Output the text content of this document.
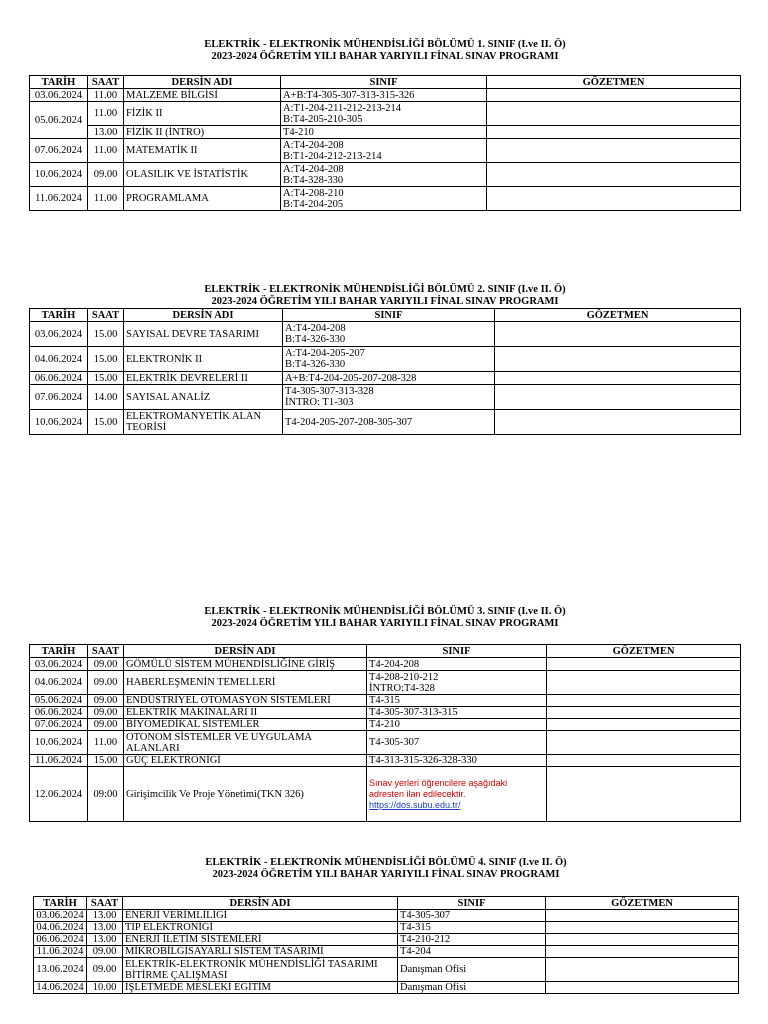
ELEKTRİK - ELEKTRONİK MÜHENDİSLİĞİ BÖLÜMÜ 1. SINIF (I.ve II. Ö)
2023-2024 ÖĞRETİM YILI BAHAR YARIYILI FİNAL SINAV PROGRAMI
TARİH	SAAT	DERSİN ADI	SINIF	GÖZETMEN
03.06.2024	11.00	MALZEME BİLGİSİ	A+B:T4-305-307-313-315-326	
05.06.2024	11.00	FİZİK II	A:T1-204-211-212-213-214
B:T4-205-210-305	
	13.00	FİZİK II (İNTRO)	T4-210	
07.06.2024	11.00	MATEMATİK II	A:T4-204-208
B:T1-204-212-213-214	
10.06.2024	09.00	OLASILIK VE İSTATİSTİK	A:T4-204-208
B:T4-328-330	
11.06.2024	11.00	PROGRAMLAMA	A:T4-208-210
B:T4-204-205	
ELEKTRİK - ELEKTRONİK MÜHENDİSLİĞİ BÖLÜMÜ 2. SINIF (I.ve II. Ö)
2023-2024 ÖĞRETİM YILI BAHAR YARIYILI FİNAL SINAV PROGRAMI
TARİH	SAAT	DERSİN ADI	SINIF	GÖZETMEN
03.06.2024	15.00	SAYISAL DEVRE TASARIMI	A:T4-204-208
B:T4-326-330	
04.06.2024	15.00	ELEKTRONİK II	A:T4-204-205-207
B:T4-326-330	
06.06.2024	15.00	ELEKTRİK DEVRELERİ II	A+B:T4-204-205-207-208-328	
07.06.2024	14.00	SAYISAL ANALİZ	T4-305-307-313-328
İNTRO: T1-303	
10.06.2024	15.00	ELEKTROMANYETİK ALAN
TEORİSİ	T4-204-205-207-208-305-307	
ELEKTRİK - ELEKTRONİK MÜHENDİSLİĞİ BÖLÜMÜ 3. SINIF (I.ve II. Ö)
2023-2024 ÖĞRETİM YILI BAHAR YARIYILI FİNAL SINAV PROGRAMI
TARİH	SAAT	DERSİN ADI	SINIF	GÖZETMEN
03.06.2024	09.00	GÖMÜLÜ SİSTEM MÜHENDİSLİĞİNE GİRİŞ	T4-204-208	
04.06.2024	09.00	HABERLEŞMENİN TEMELLERİ	T4-208-210-212
İNTRO:T4-328	
05.06.2024	09.00	ENDÜSTRİYEL OTOMASYON SİSTEMLERİ	T4-315	
06.06.2024	09.00	ELEKTRİK MAKİNALARI II	T4-305-307-313-315	
07.06.2024	09.00	BİYOMEDİKAL SİSTEMLER	T4-210	
10.06.2024	11.00	OTONOM SİSTEMLER VE UYGULAMA
ALANLARI	T4-305-307	
11.06.2024	15.00	GÜÇ ELEKTRONİĞİ	T4-313-315-326-328-330	
12.06.2024	09:00	Girişimcilik Ve Proje Yönetimi(TKN 326)	Sınav yerleri öğrencilere aşağıdaki adresten ilan edilecektir.

https://dos.subu.edu.tr/	

ELEKTRİK - ELEKTRONİK MÜHENDİSLİĞİ BÖLÜMÜ 4. SINIF (I.ve II. Ö)
2023-2024 ÖĞRETİM YILI BAHAR YARIYILI FİNAL SINAV PROGRAMI
TARİH	SAAT	DERSİN ADI	SINIF	GÖZETMEN
03.06.2024	13.00	ENERJİ VERİMLİLİĞİ	T4-305-307	
04.06.2024	13.00	TIP ELEKTRONİĞİ	T4-315	
06.06.2024	13.00	ENERJİ İLETİM SİSTEMLERİ	T4-210-212	
11.06.2024	09.00	MİKROBİLGİSAYARLI SİSTEM TASARIMI	T4-204	
13.06.2024	09.00	ELEKTRİK-ELEKTRONİK MÜHENDİSLİĞİ TASARIMI
BİTİRME ÇALIŞMASI	Danışman Ofisi	
14.06.2024	10.00	İŞLETMEDE MESLEKİ EĞİTİM	Danışman Ofisi	
